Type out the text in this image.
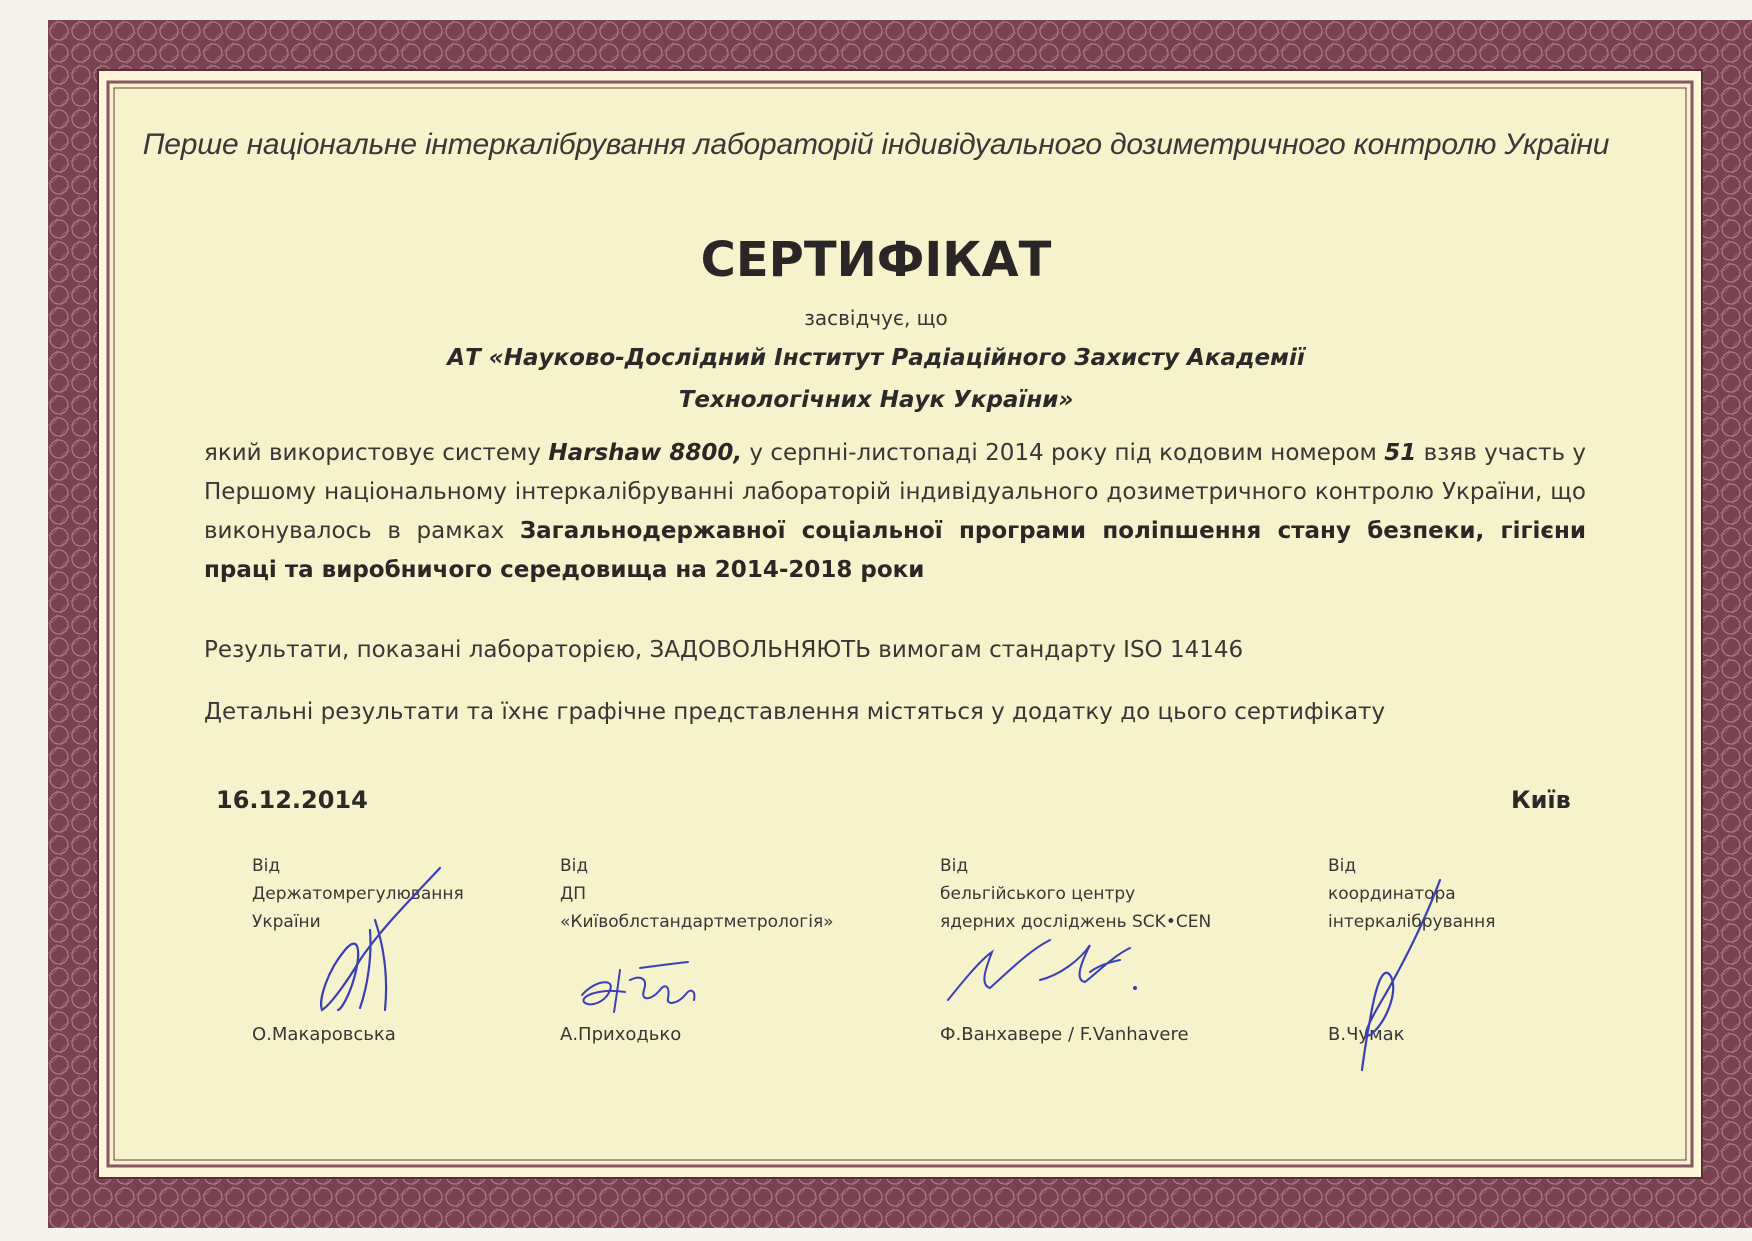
Перше національне інтеркалібрування лабораторій індивідуального дозиметричного контролю України
СЕРТИФІКАТ
засвідчує, що
АТ «Науково-Дослідний Інститут Радіаційного Захисту Академії
Технологічних Наук України»
який використовує систему Harshaw 8800, у серпні-листопаді 2014 року під кодовим номером 51 взяв участь у Першому національному інтеркалібруванні лабораторій індивідуального дозиметричного контролю України, що виконувалось в рамках Загальнодержавної соціальної програми поліпшення стану безпеки, гігієни праці та виробничого середовища на 2014-2018 роки
Результати, показані лабораторією, ЗАДОВОЛЬНЯЮТЬ вимогам стандарту ISO 14146
Детальні результати та їхнє графічне представлення містяться у додатку до цього сертифікату
16.12.2014	Київ
Від
Держатомрегулювання
України
О.Макаровська
Від
ДП
«Київоблстандартметрологія»
А.Приходько
Від
бельгійського центру
ядерних досліджень SCK•CEN
Ф.Ванхавере / F.Vanhavere
Від
координатора
інтеркалібрування
В.Чумак
